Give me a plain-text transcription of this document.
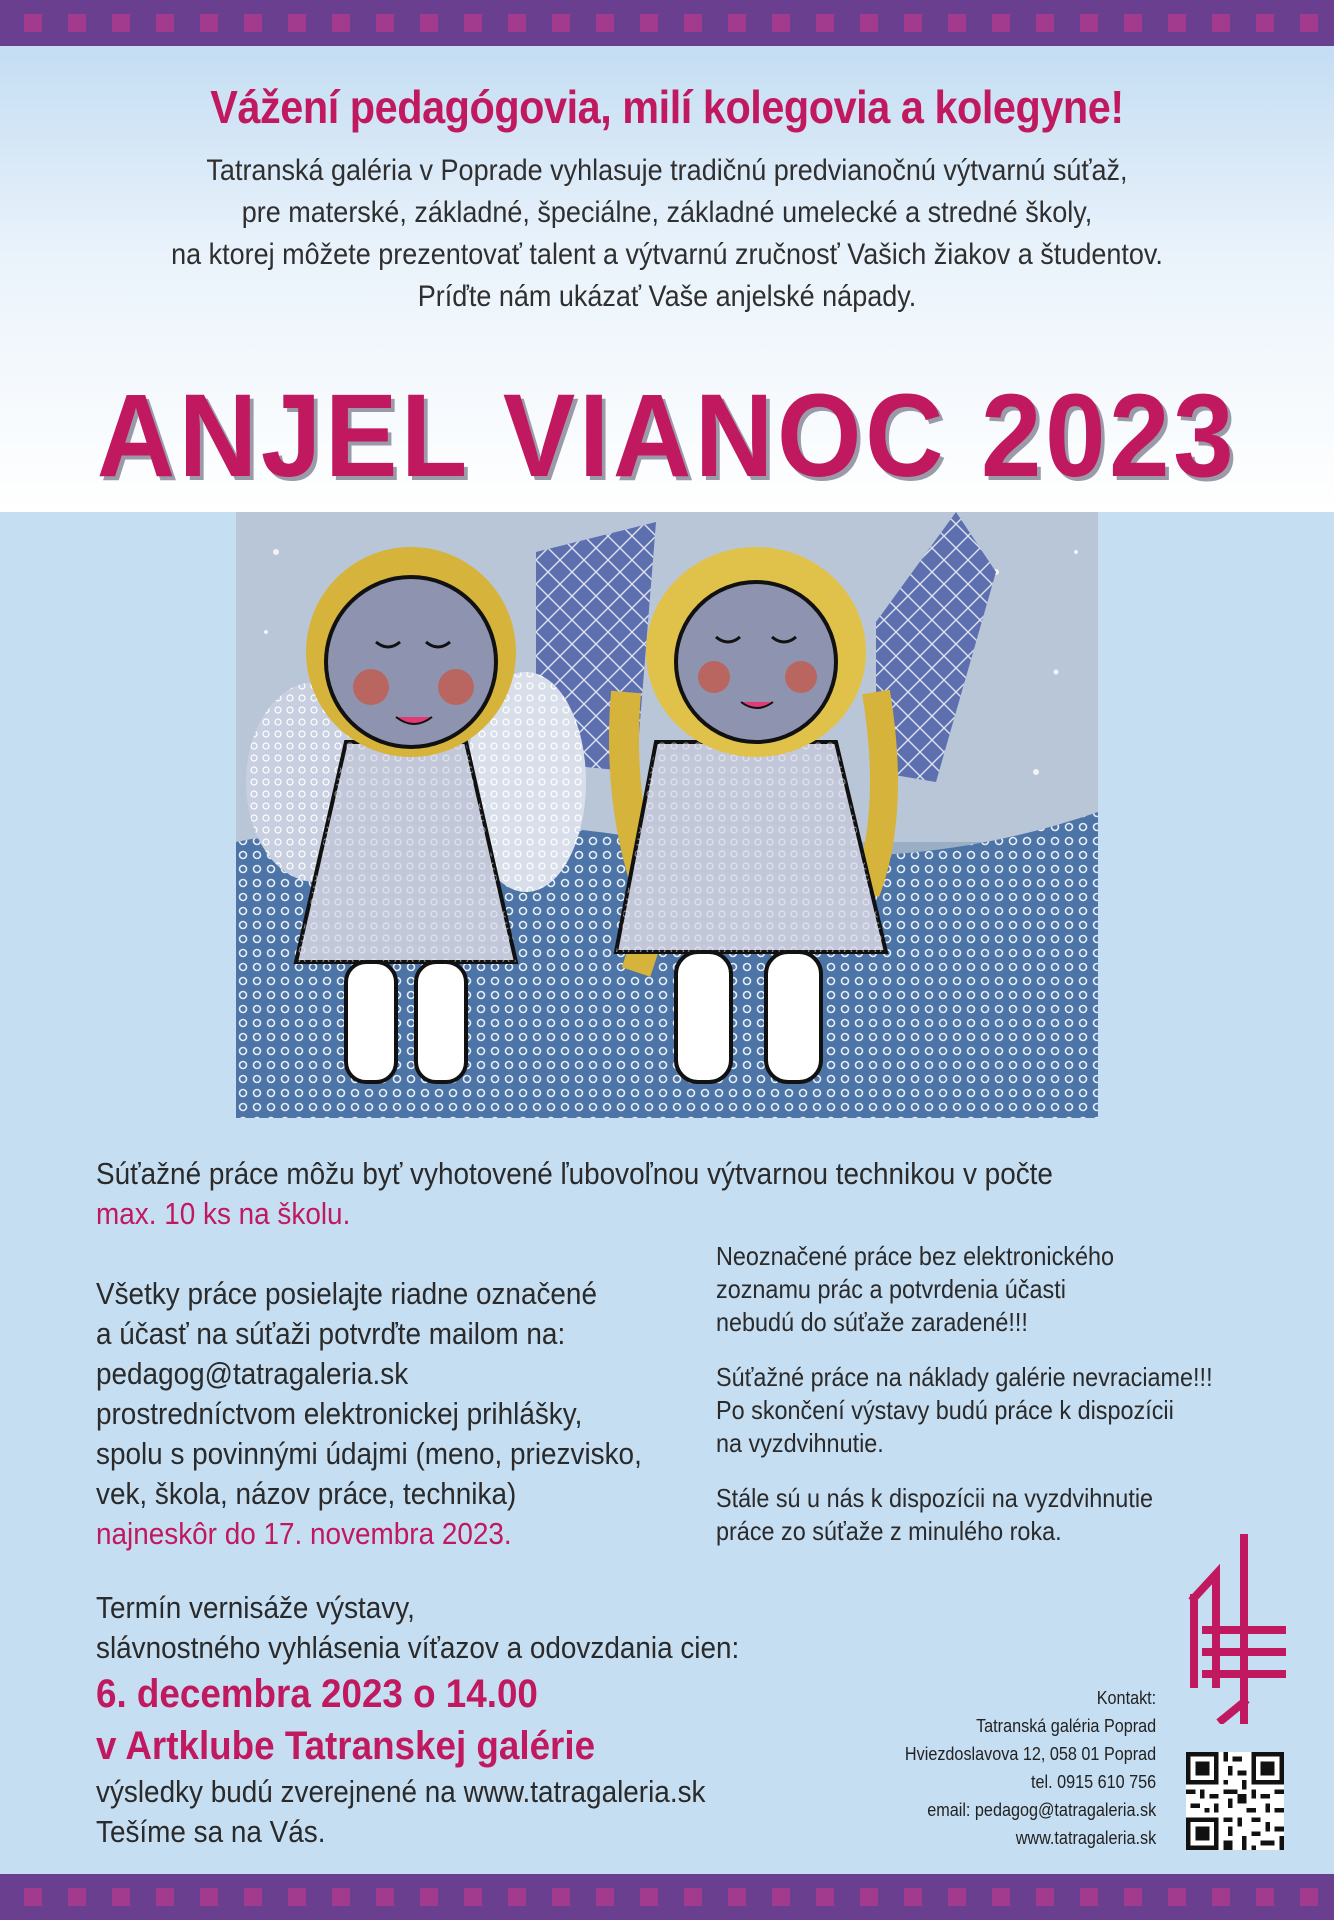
Vážení pedagógovia, milí kolegovia a kolegyne!
Tatranská galéria v Poprade vyhlasuje tradičnú predvianočnú výtvarnú súťaž,
pre materské, základné, špeciálne, základné umelecké a stredné školy,
na ktorej môžete prezentovať talent a výtvarnú zručnosť Vašich žiakov a študentov.
Príďte nám ukázať Vaše anjelské nápady.
ANJEL VIANOC 2023
Súťažné práce môžu byť vyhotovené ľubovoľnou výtvarnou technikou v počte
max. 10 ks na školu.
Všetky práce posielajte riadne označené
a účasť na súťaži potvrďte mailom na:
pedagog@tatragaleria.sk
prostredníctvom elektronickej prihlášky,
spolu s povinnými údajmi (meno, priezvisko,
vek, škola, názov práce, technika)
najneskôr do 17. novembra 2023.
Neoznačené práce bez elektronického
zoznamu prác a potvrdenia účasti
nebudú do súťaže zaradené!!!
Súťažné práce na náklady galérie nevraciame!!!
Po skončení výstavy budú práce k dispozícii
na vyzdvihnutie.
Stále sú u nás k dispozícii na vyzdvihnutie
práce zo súťaže z minulého roka.
Termín vernisáže výstavy,
slávnostného vyhlásenia víťazov a odovzdania cien:
6. decembra 2023 o 14.00
v Artklube Tatranskej galérie
výsledky budú zverejnené na www.tatragaleria.sk
Tešíme sa na Vás.
Kontakt:
Tatranská galéria Poprad
Hviezdoslavova 12, 058 01 Poprad
tel. 0915 610 756
email: pedagog@tatragaleria.sk
www.tatragaleria.sk
